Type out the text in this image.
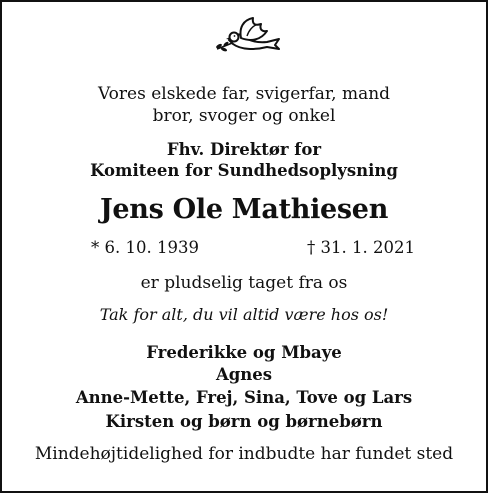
Vores elskede far, svigerfar, mand
bror, svoger og onkel
Fhv. Direktør for
Komiteen for Sundhedsoplysning
Jens Ole Mathiesen
* 6. 10. 1939	† 31. 1. 2021
er pludselig taget fra os
Tak for alt, du vil altid være hos os!
Frederikke og Mbaye
Agnes
Anne-Mette, Frej, Sina, Tove og Lars
Kirsten og børn og børnebørn
Mindehøjtidelighed for indbudte har fundet sted
